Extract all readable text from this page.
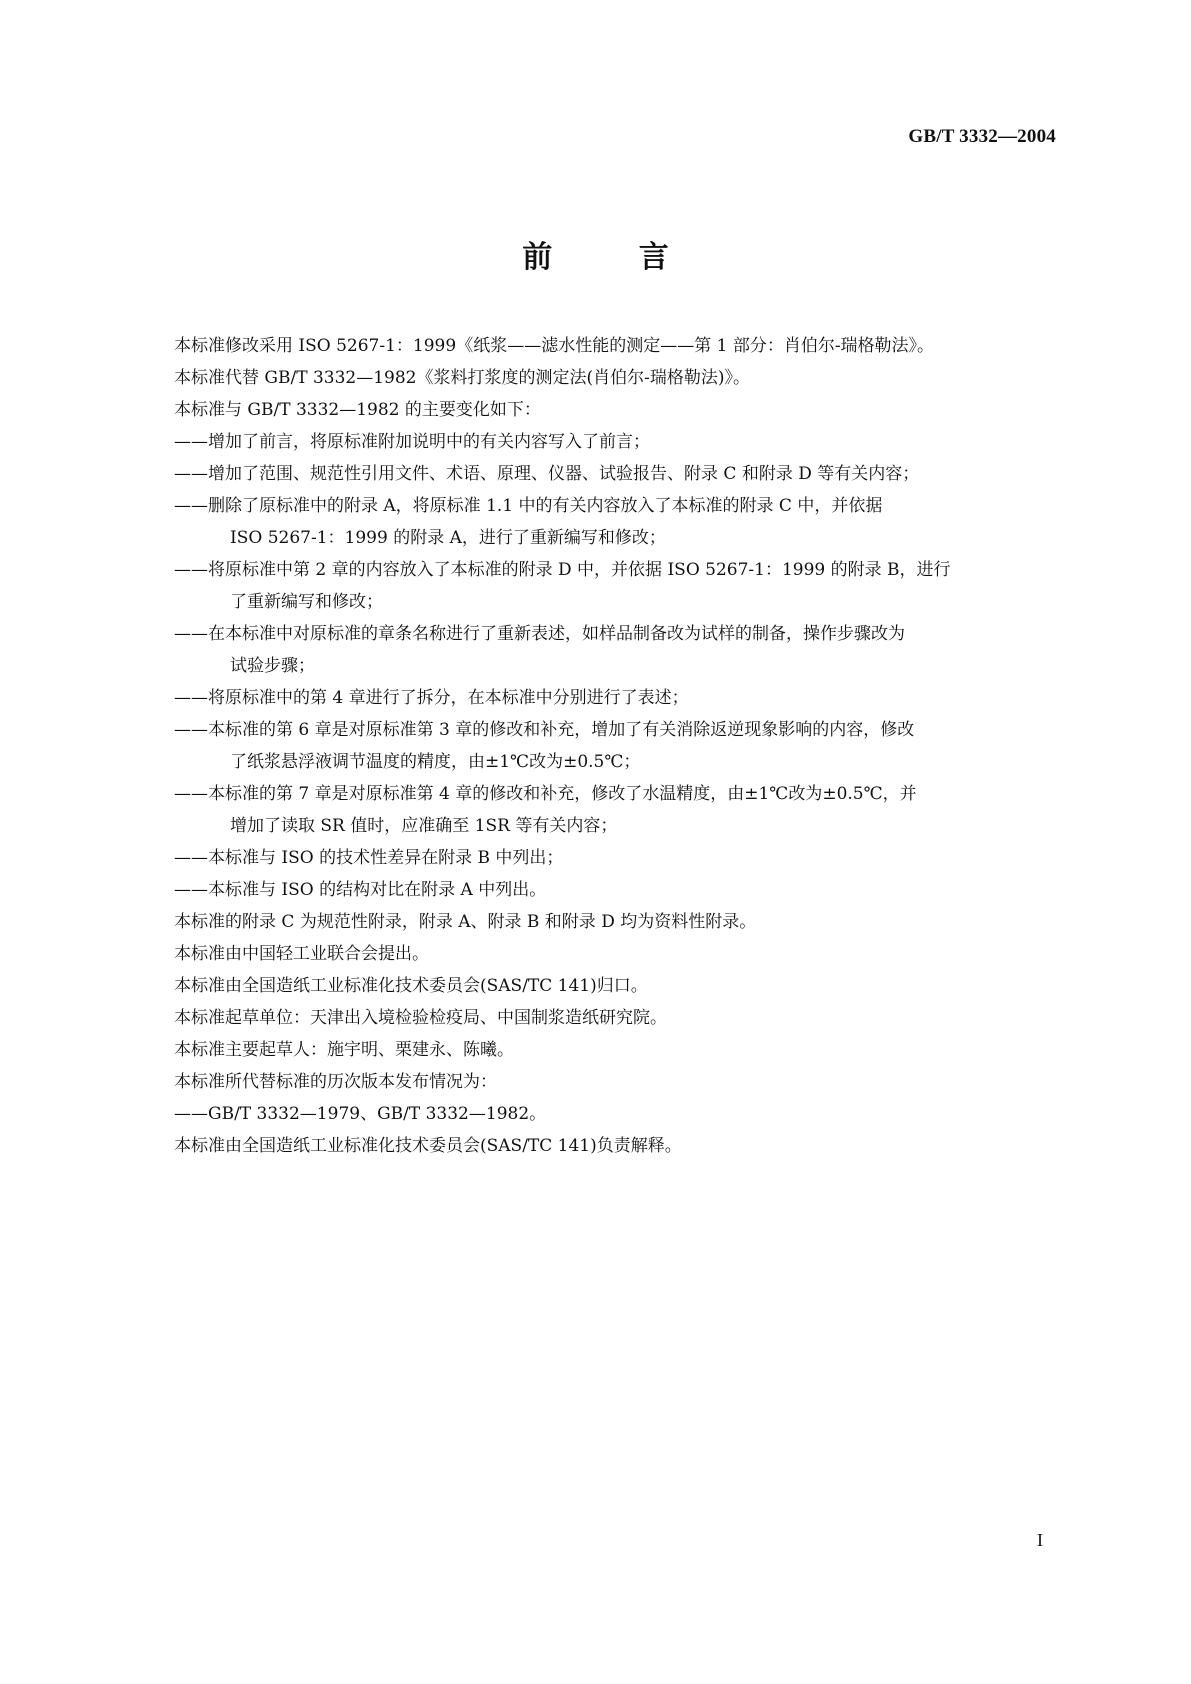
GB/T 3332—2004
前 言

本标准修改采用 ISO 5267-1：1999《纸浆——滤水性能的测定——第 1 部分：肖伯尔-瑞格勒法》。

本标准代替 GB/T 3332—1982《浆料打浆度的测定法(肖伯尔-瑞格勒法)》。

本标准与 GB/T 3332—1982 的主要变化如下：

——增加了前言，将原标准附加说明中的有关内容写入了前言；
——增加了范围、规范性引用文件、术语、原理、仪器、试验报告、附录 C 和附录 D 等有关内容；
——删除了原标准中的附录 A，将原标准 1.1 中的有关内容放入了本标准的附录 C 中，并依据
ISO 5267-1：1999 的附录 A，进行了重新编写和修改；
——将原标准中第 2 章的内容放入了本标准的附录 D 中，并依据 ISO 5267-1：1999 的附录 B，进行
了重新编写和修改；
——在本标准中对原标准的章条名称进行了重新表述，如样品制备改为试样的制备，操作步骤改为
试验步骤；
——将原标准中的第 4 章进行了拆分，在本标准中分别进行了表述；
——本标准的第 6 章是对原标准第 3 章的修改和补充，增加了有关消除返逆现象影响的内容，修改
了纸浆悬浮液调节温度的精度，由±1℃改为±0.5℃；
——本标准的第 7 章是对原标准第 4 章的修改和补充，修改了水温精度，由±1℃改为±0.5℃，并
增加了读取 SR 值时，应准确至 1SR 等有关内容；
——本标准与 ISO 的技术性差异在附录 B 中列出；
——本标准与 ISO 的结构对比在附录 A 中列出。

本标准的附录 C 为规范性附录，附录 A、附录 B 和附录 D 均为资料性附录。

本标准由中国轻工业联合会提出。

本标准由全国造纸工业标准化技术委员会(SAS/TC 141)归口。

本标准起草单位：天津出入境检验检疫局、中国制浆造纸研究院。

本标准主要起草人：施宇明、栗建永、陈曦。

本标准所代替标准的历次版本发布情况为：

——GB/T 3332—1979、GB/T 3332—1982。

本标准由全国造纸工业标准化技术委员会(SAS/TC 141)负责解释。

I
